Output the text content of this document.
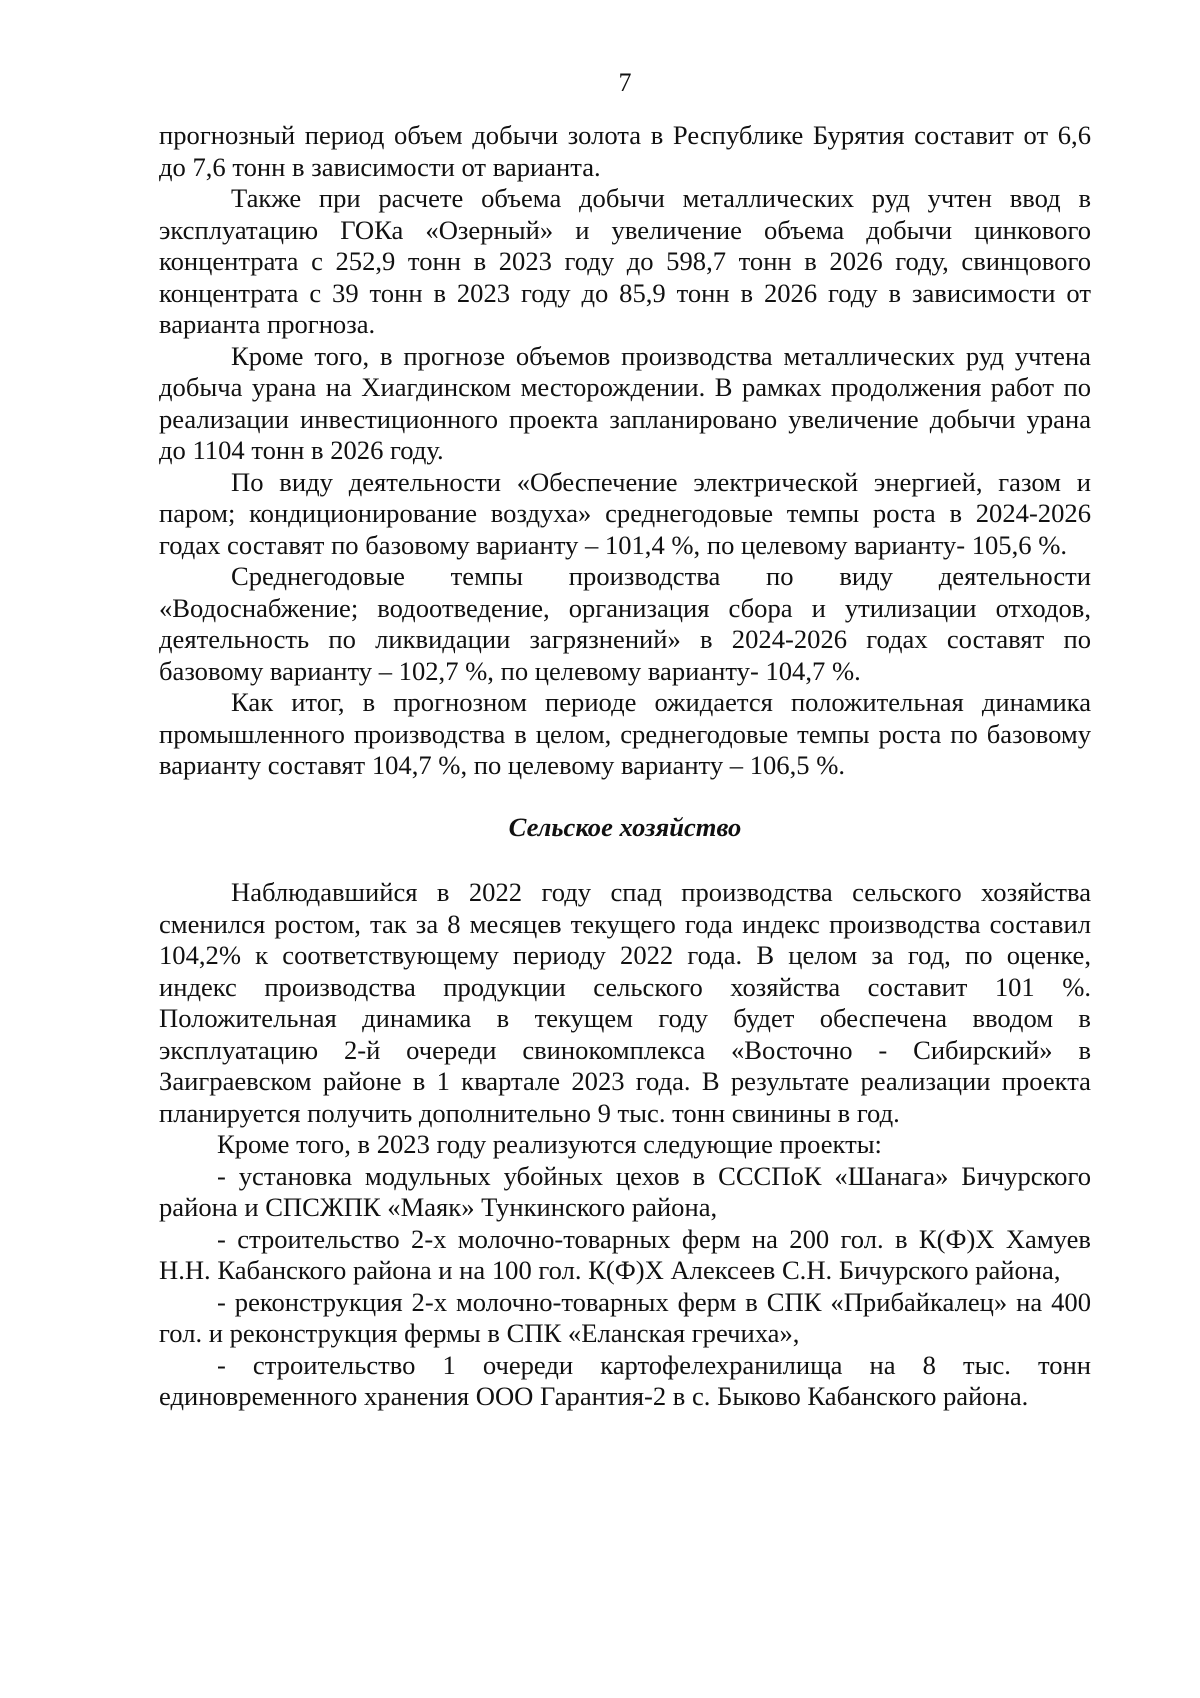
7

прогнозный период объем добычи золота в Республике Бурятия составит от 6,6 до 7,6 тонн в зависимости от варианта.

Также при расчете объема добычи металлических руд учтен ввод в эксплуатацию ГОКа «Озерный» и увеличение объема добычи цинкового концентрата с 252,9 тонн в 2023 году до 598,7 тонн в 2026 году, свинцового концентрата с 39 тонн в 2023 году до 85,9 тонн в 2026 году в зависимости от варианта прогноза.

Кроме того, в прогнозе объемов производства металлических руд учтена добыча урана на Хиагдинском месторождении. В рамках продолжения работ по реализации инвестиционного проекта запланировано увеличение добычи урана до 1104 тонн в 2026 году.

По виду деятельности «Обеспечение электрической энергией, газом и паром; кондиционирование воздуха» среднегодовые темпы роста в 2024-2026 годах составят по базовому варианту – 101,4 %, по целевому варианту- 105,6 %.

Среднегодовые темпы производства по виду деятельности «Водоснабжение; водоотведение, организация сбора и утилизации отходов, деятельность по ликвидации загрязнений» в 2024-2026 годах составят по базовому варианту – 102,7 %, по целевому варианту- 104,7 %.

Как итог, в прогнозном периоде ожидается положительная динамика промышленного производства в целом, среднегодовые темпы роста по базовому варианту составят 104,7 %, по целевому варианту – 106,5 %.

Сельское хозяйство

Наблюдавшийся в 2022 году спад производства сельского хозяйства сменился ростом, так за 8 месяцев текущего года индекс производства составил 104,2% к соответствующему периоду 2022 года. В целом за год, по оценке, индекс производства продукции сельского хозяйства составит 101 %. Положительная динамика в текущем году будет обеспечена вводом в эксплуатацию 2-й очереди свинокомплекса «Восточно - Сибирский» в Заиграевском районе в 1 квартале 2023 года. В результате реализации проекта планируется получить дополнительно 9 тыс. тонн свинины в год.

Кроме того, в 2023 году реализуются следующие проекты:

- установка модульных убойных цехов в СССПоК «Шанага» Бичурского района и СПСЖПК «Маяк» Тункинского района,

- строительство 2-х молочно-товарных ферм на 200 гол. в К(Ф)Х Хамуев Н.Н. Кабанского района и на 100 гол. К(Ф)Х Алексеев С.Н. Бичурского района,

- реконструкция 2-х молочно-товарных ферм в СПК «Прибайкалец» на 400 гол. и реконструкция фермы в СПК «Еланская гречиха»,

- строительство 1 очереди картофелехранилища на 8 тыс. тонн единовременного хранения ООО Гарантия-2 в с. Быково Кабанского района.
